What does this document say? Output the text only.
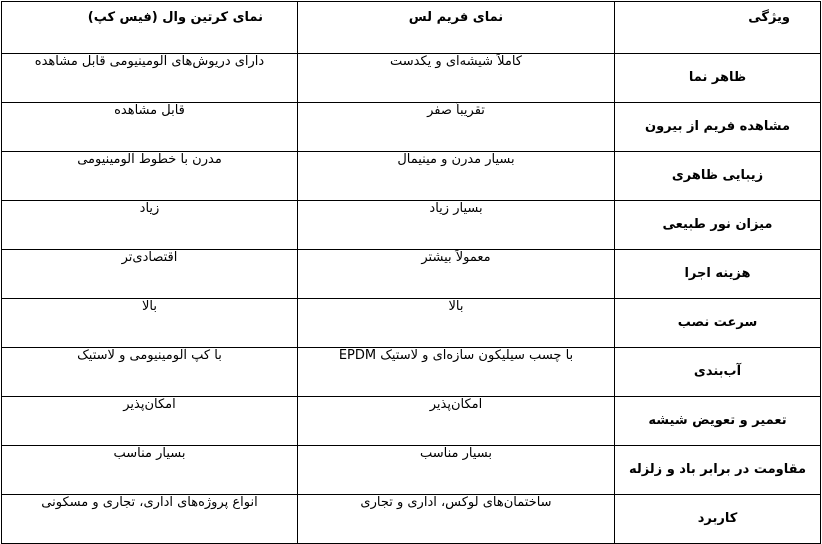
ویژگی	نمای فریم لس	نمای کرتین وال (فیس کپ)
ظاهر نما	کاملاً شیشه‌ای و یکدست	دارای دریوش‌های آلومینیومی قابل مشاهده
مشاهده فریم از بیرون	تقریباً صفر	قابل مشاهده
زیبایی ظاهری	بسیار مدرن و مینیمال	مدرن با خطوط آلومینیومی
میزان نور طبیعی	بسیار زیاد	زیاد
هزینه اجرا	معمولاً بیشتر	اقتصادی‌تر
سرعت نصب	بالا	بالا
آب‌بندی	با چسب سیلیکون سازه‌ای و لاستیک EPDM	با کپ آلومینیومی و لاستیک
تعمیر و تعویض شیشه	امکان‌پذیر	امکان‌پذیر
مقاومت در برابر باد و زلزله	بسیار مناسب	بسیار مناسب
کاربرد	ساختمان‌های لوکس، اداری و تجاری	انواع پروژه‌های اداری، تجاری و مسکونی
